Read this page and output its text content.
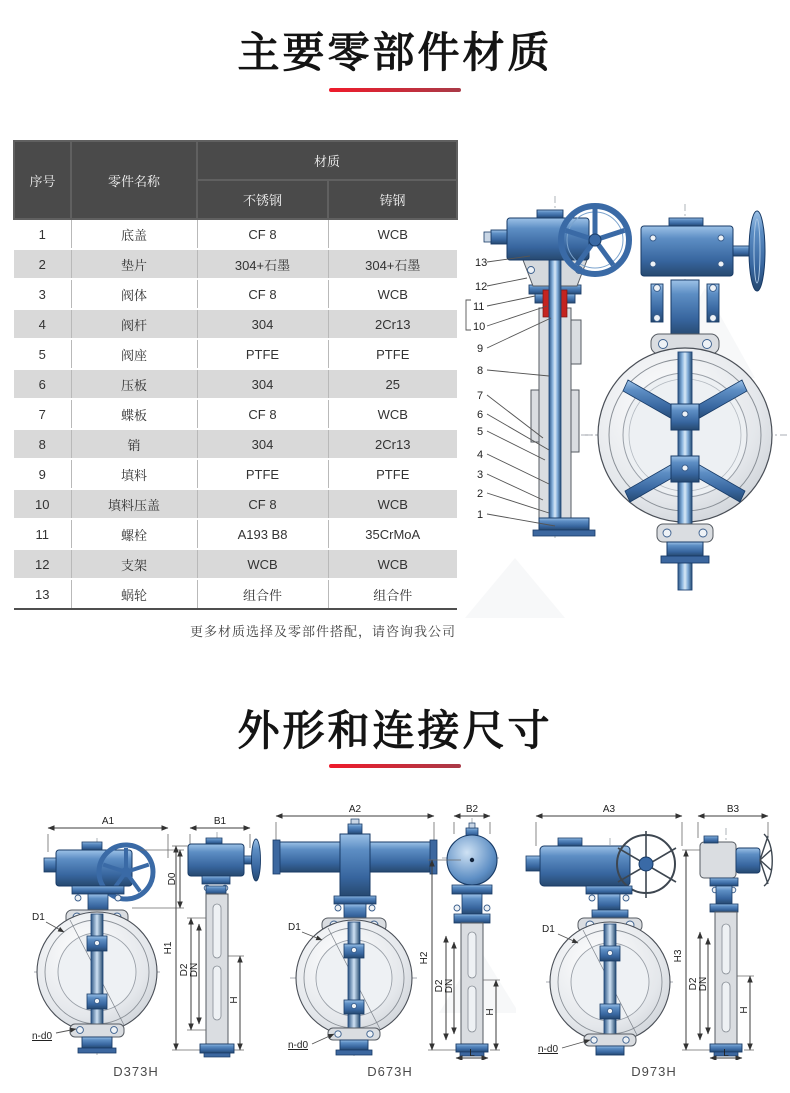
主要零部件材质
序号	零件名称	材质	
		不锈钢	铸钢
1	底盖	CF 8	WCB
2	垫片	304+石墨	304+石墨
3	阀体	CF 8	WCB
4	阀杆	304	2Cr13
5	阀座	PTFE	PTFE
6	压板	304	25
7	蝶板	CF 8	WCB
8	销	304	2Cr13
9	填料	PTFE	PTFE
10	填料压盖	CF 8	WCB
11	螺栓	A193 B8	35CrMoA
12	支架	WCB	WCB
13	蜗轮	组合件	组合件
更多材质选择及零部件搭配，请咨询我公司
13
12
11
10
9
8
7
6
5
4
3
2
1
外形和连接尺寸
A1
D0
D1
n-d0
B1
H1
D2 DN
H
A2
D1
n-d0
B2
H2
D2 DN
H
L
A3
D1
n-d0
B3
H3
D2 DN
H
L
D373H	D673H	D973H
